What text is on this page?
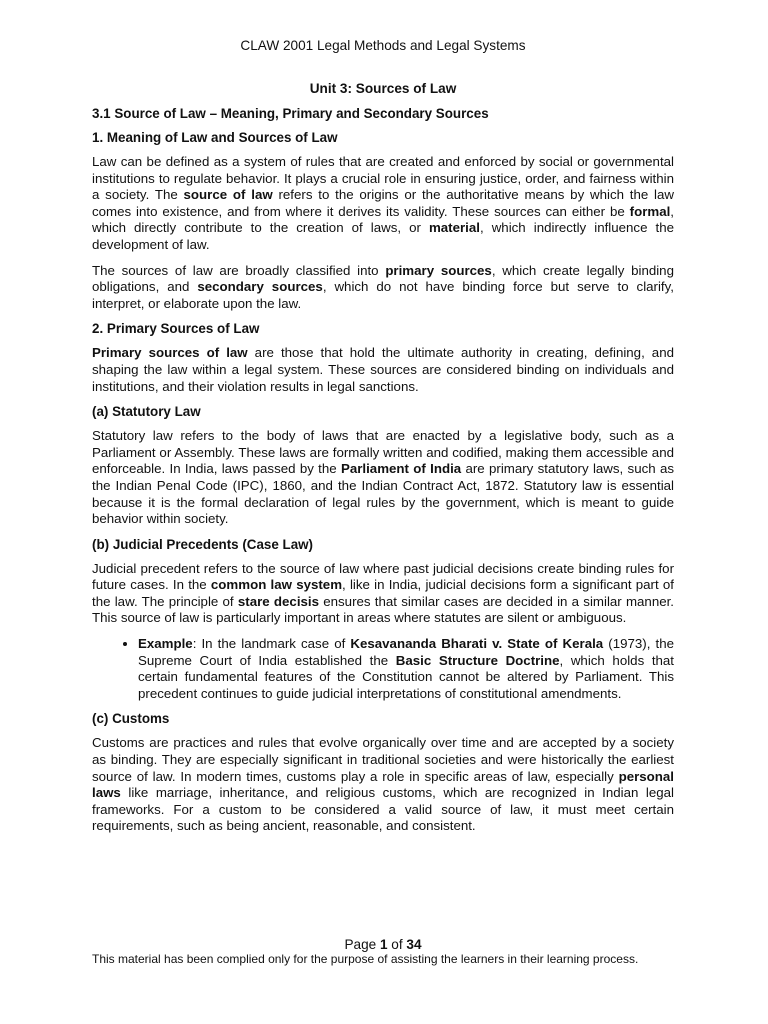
CLAW 2001 Legal Methods and Legal Systems
Unit 3: Sources of Law
3.1 Source of Law – Meaning, Primary and Secondary Sources
1. Meaning of Law and Sources of Law

Law can be defined as a system of rules that are created and enforced by social or governmental institutions to regulate behavior. It plays a crucial role in ensuring justice, order, and fairness within a society. The source of law refers to the origins or the authoritative means by which the law comes into existence, and from where it derives its validity. These sources can either be formal, which directly contribute to the creation of laws, or material, which indirectly influence the development of law.

The sources of law are broadly classified into primary sources, which create legally binding obligations, and secondary sources, which do not have binding force but serve to clarify, interpret, or elaborate upon the law.

2. Primary Sources of Law

Primary sources of law are those that hold the ultimate authority in creating, defining, and shaping the law within a legal system. These sources are considered binding on individuals and institutions, and their violation results in legal sanctions.

(a) Statutory Law

Statutory law refers to the body of laws that are enacted by a legislative body, such as a Parliament or Assembly. These laws are formally written and codified, making them accessible and enforceable. In India, laws passed by the Parliament of India are primary statutory laws, such as the Indian Penal Code (IPC), 1860, and the Indian Contract Act, 1872. Statutory law is essential because it is the formal declaration of legal rules by the government, which is meant to guide behavior within society.

(b) Judicial Precedents (Case Law)

Judicial precedent refers to the source of law where past judicial decisions create binding rules for future cases. In the common law system, like in India, judicial decisions form a significant part of the law. The principle of stare decisis ensures that similar cases are decided in a similar manner. This source of law is particularly important in areas where statutes are silent or ambiguous.

• Example: In the landmark case of Kesavananda Bharati v. State of Kerala (1973), the Supreme Court of India established the Basic Structure Doctrine, which holds that certain fundamental features of the Constitution cannot be altered by Parliament. This precedent continues to guide judicial interpretations of constitutional amendments.
(c) Customs

Customs are practices and rules that evolve organically over time and are accepted by a society as binding. They are especially significant in traditional societies and were historically the earliest source of law. In modern times, customs play a role in specific areas of law, especially personal laws like marriage, inheritance, and religious customs, which are recognized in Indian legal frameworks. For a custom to be considered a valid source of law, it must meet certain requirements, such as being ancient, reasonable, and consistent.

Page 1 of 34

This material has been complied only for the purpose of assisting the learners in their learning process.
